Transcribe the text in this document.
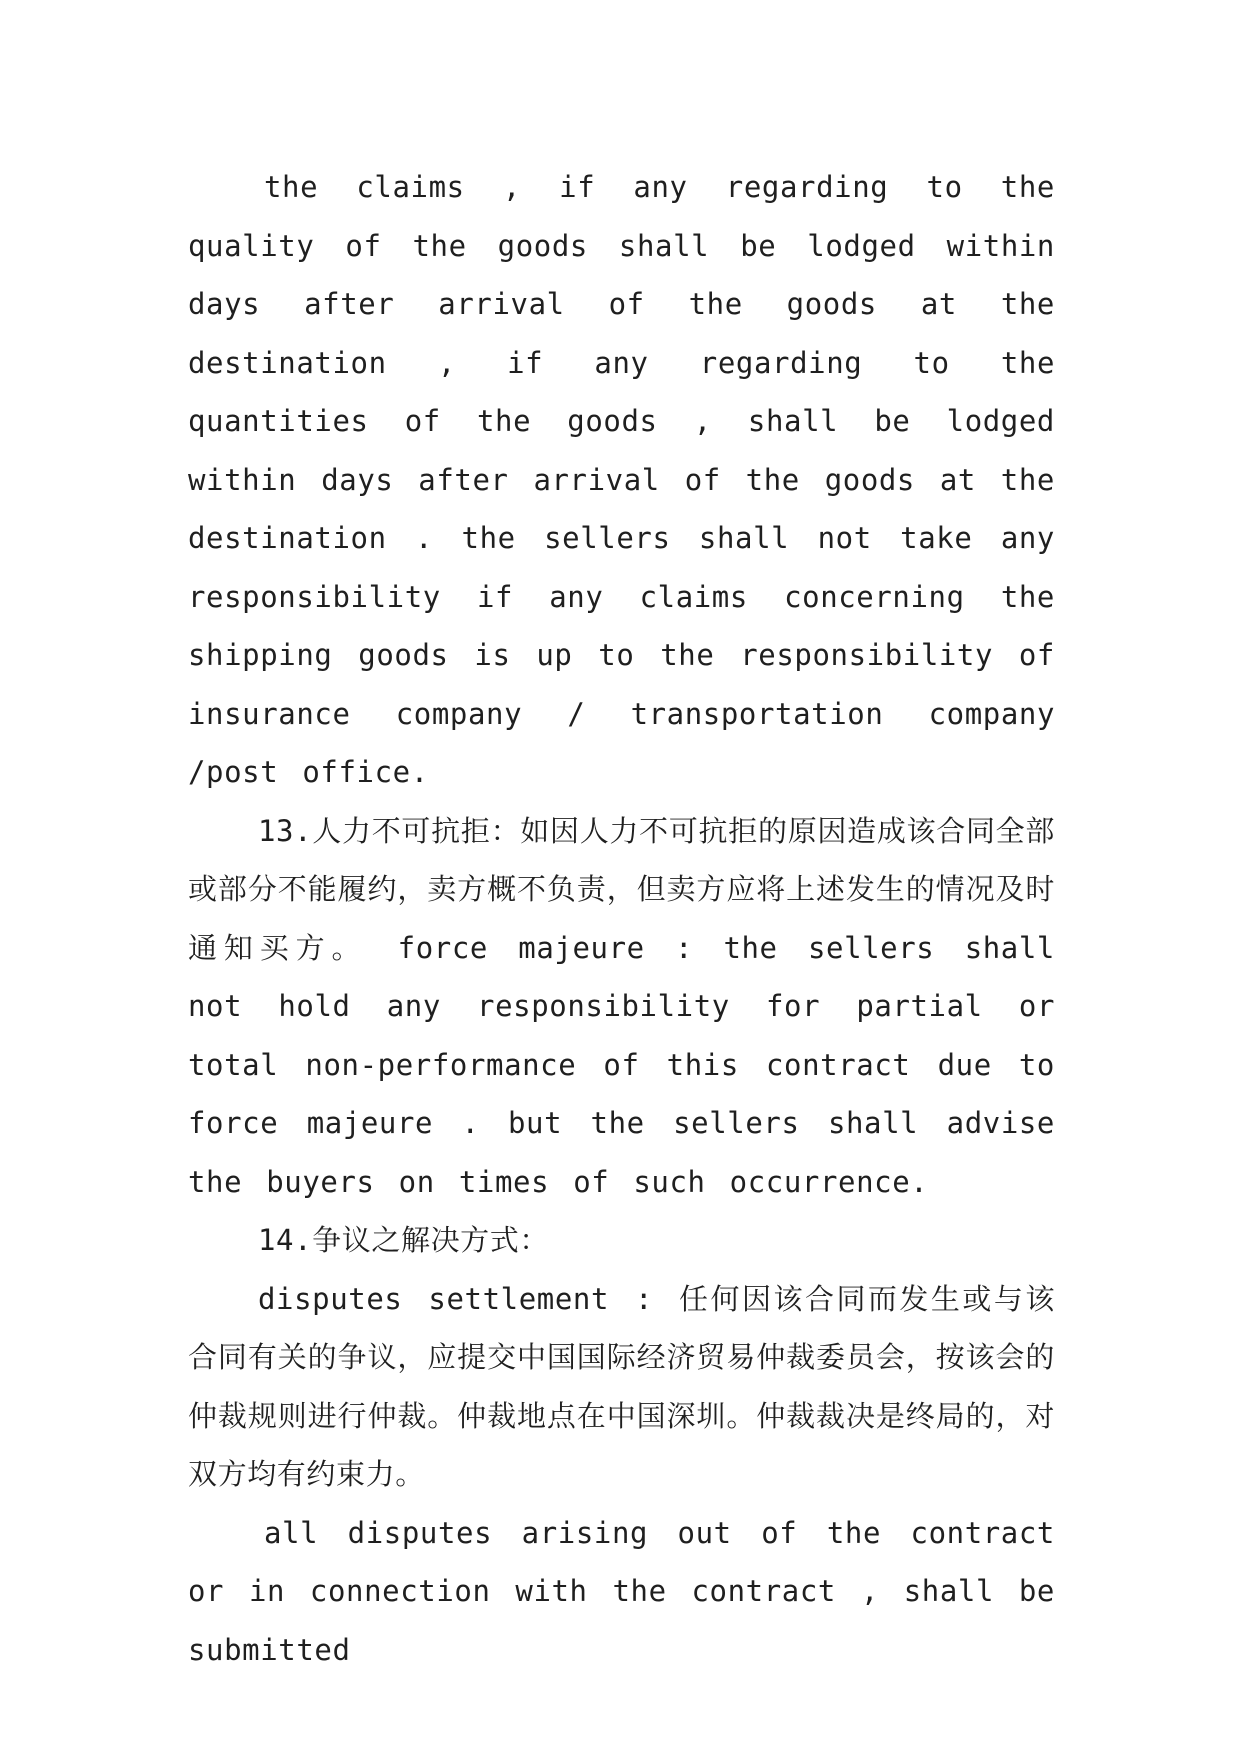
the claims , if any regarding to the quality of the goods shall be lodged within days after arrival of the goods at the destination , if any regarding to the quantities of the goods , shall be lodged within days after arrival of the goods at the destination . the sellers shall not take any responsibility if any claims concerning the shipping goods is up to the responsibility of insurance company / transportation company /post office.

13.人力不可抗拒：如因人力不可抗拒的原因造成该合同全部或部分不能履约，卖方概不负责，但卖方应将上述发生的情况及时通知买方。 force majeure : the sellers shall not hold any responsibility for partial or total non-performance of this contract due to force majeure . but the sellers shall advise the buyers on times of such occurrence.

14.争议之解决方式：

disputes settlement : 任何因该合同而发生或与该合同有关的争议，应提交中国国际经济贸易仲裁委员会，按该会的仲裁规则进行仲裁。仲裁地点在中国深圳。仲裁裁决是终局的，对双方均有约束力。

all disputes arising out of the contract or in connection with the contract , shall be submitted
